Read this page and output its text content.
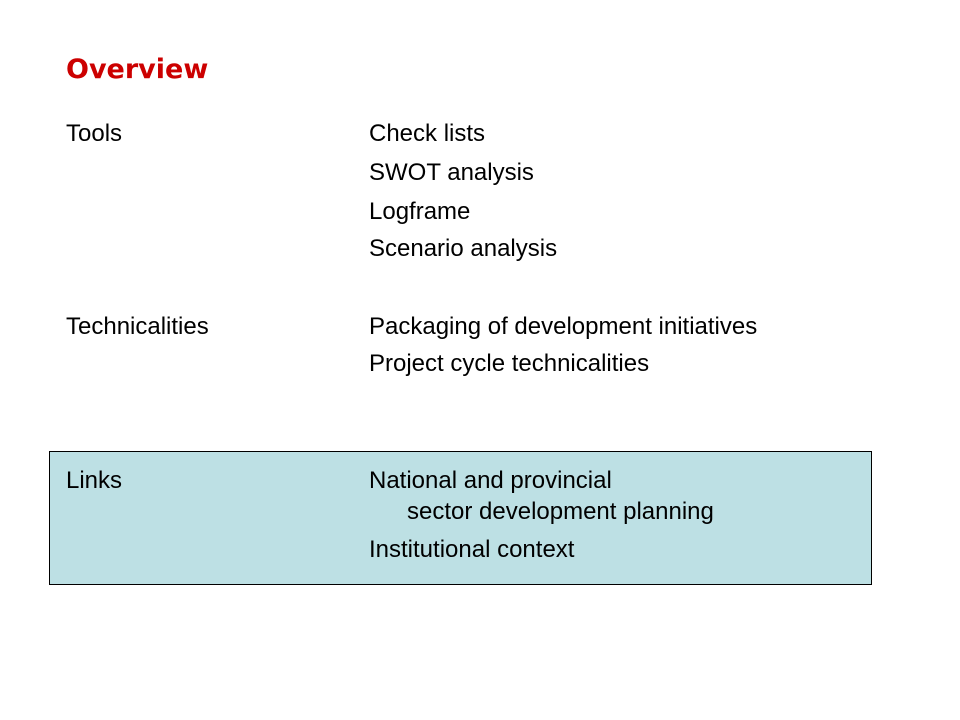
Overview
Tools	Check lists
SWOT analysis
Logframe
Scenario analysis
Technicalities	Packaging of development initiatives
Project cycle technicalities
Links	National and provincial
sector development planning
Institutional context
